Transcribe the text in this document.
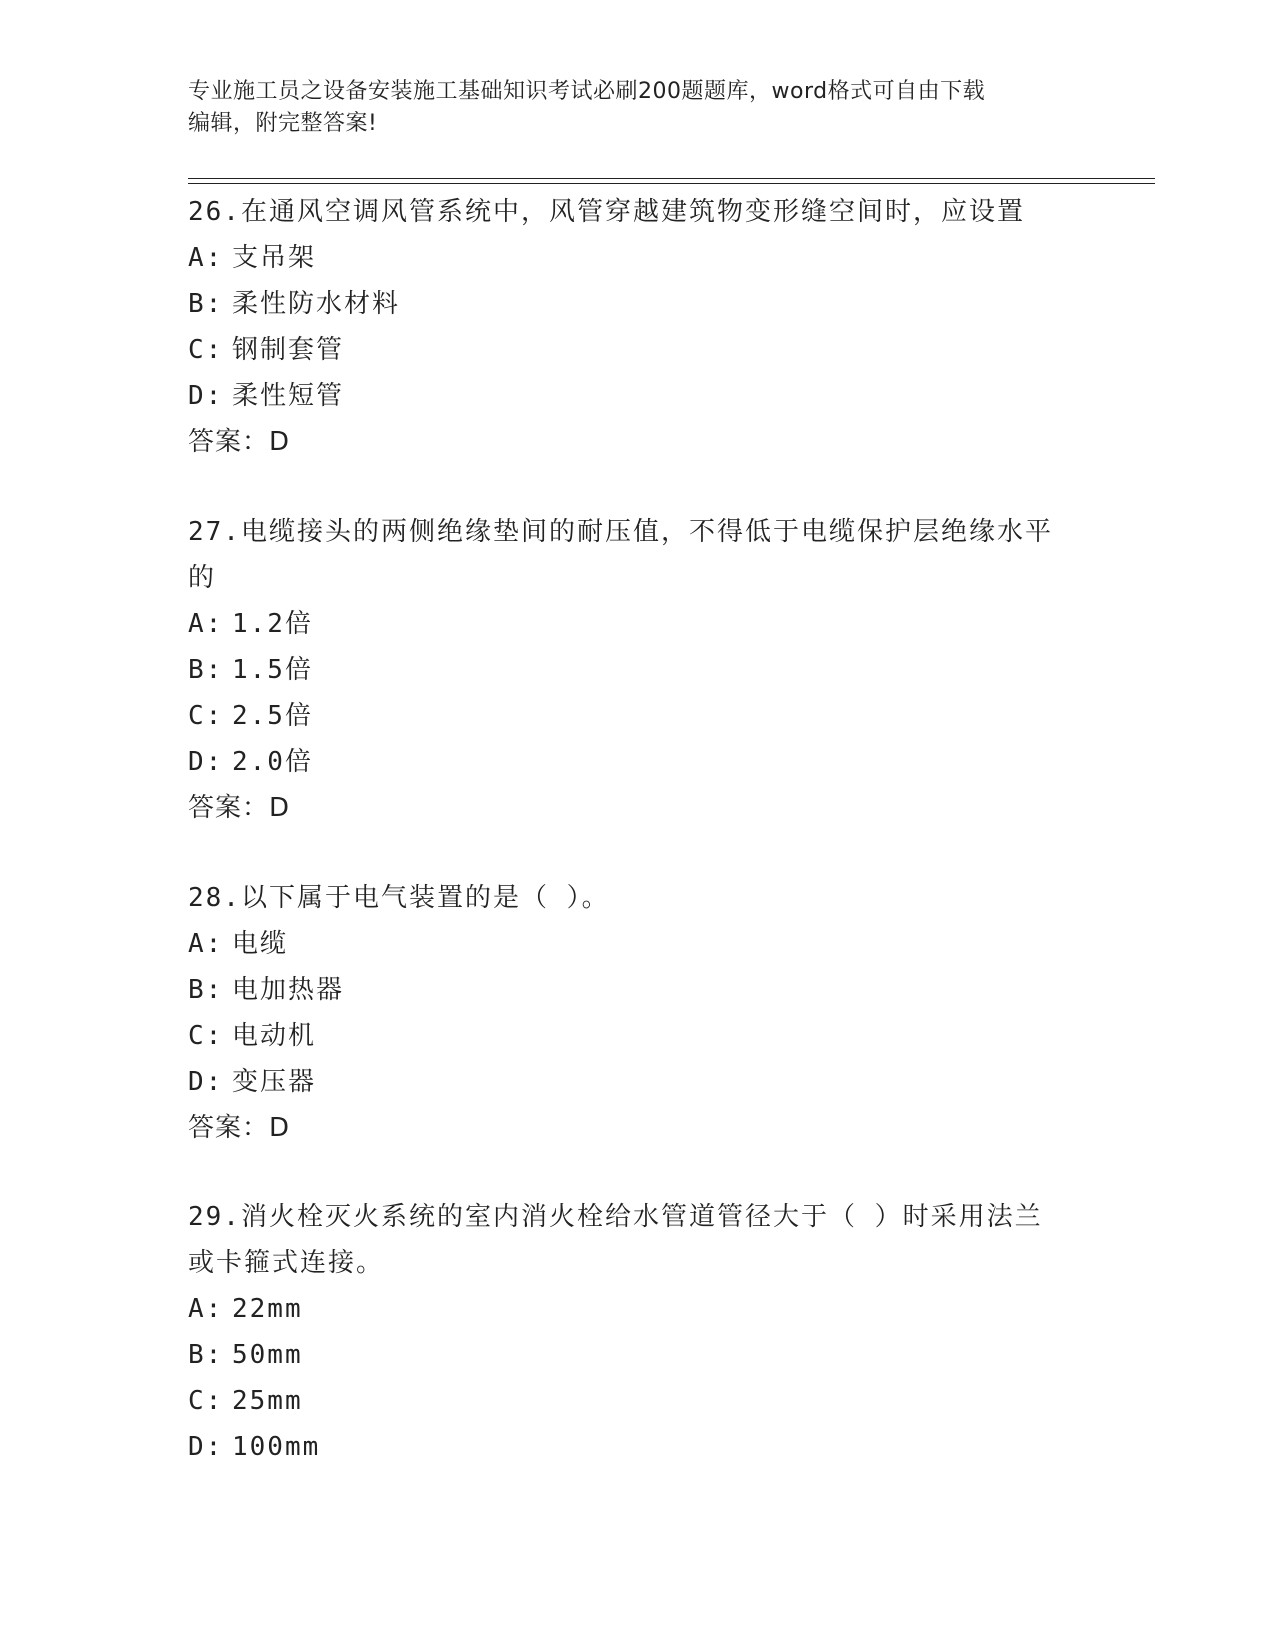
专业施工员之设备安装施工基础知识考试必刷200题题库，word格式可自由下载
编辑，附完整答案!

26.在通风空调风管系统中，风管穿越建筑物变形缝空间时，应设置

A: 支吊架
B: 柔性防水材料
C: 钢制套管
D: 柔性短管
答案：D

27.电缆接头的两侧绝缘垫间的耐压值，不得低于电缆保护层绝缘水平

的

A: 1.2倍
B: 1.5倍
C: 2.5倍
D: 2.0倍
答案：D

28.以下属于电气装置的是（ ）。

A: 电缆
B: 电加热器
C: 电动机
D: 变压器
答案：D

29.消火栓灭火系统的室内消火栓给水管道管径大于（ ）时采用法兰

或卡箍式连接。

A: 22mm
B: 50mm
C: 25mm
D: 100mm
